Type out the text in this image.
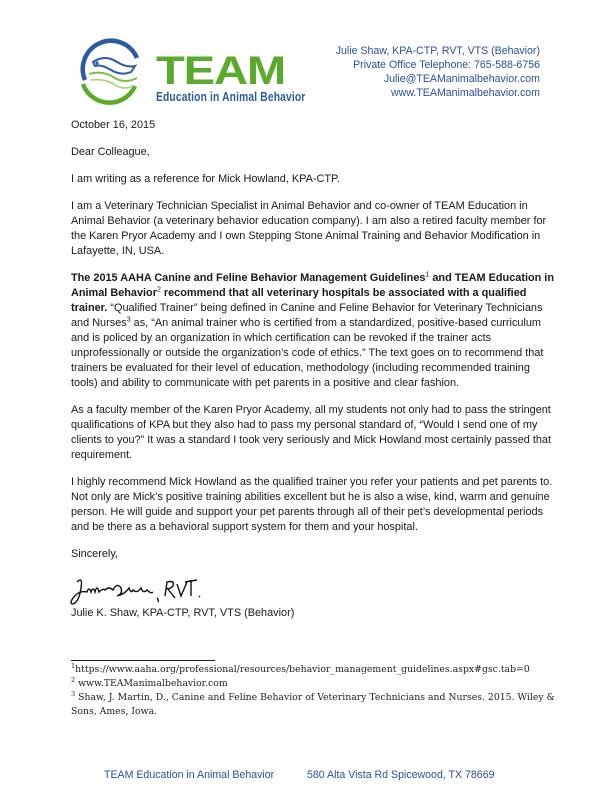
TEAM
Education in Animal Behavior
Julie Shaw, KPA-CTP, RVT, VTS (Behavior)
Private Office Telephone: 765-588-6756
Julie@TEAManimalbehavior.com
www.TEAManimalbehavior.com

October 16, 2015

Dear Colleague,

I am writing as a reference for Mick Howland, KPA-CTP.

I am a Veterinary Technician Specialist in Animal Behavior and co-owner of TEAM Education in Animal Behavior (a veterinary behavior education company). I am also a retired faculty member for the Karen Pryor Academy and I own Stepping Stone Animal Training and Behavior Modification in Lafayette, IN, USA.

The 2015 AAHA Canine and Feline Behavior Management Guidelines$^1$ and TEAM Education in Animal Behavior$^2$ recommend that all veterinary hospitals be associated with a qualified trainer. “Qualified Trainer” being defined in Canine and Feline Behavior for Veterinary Technicians and Nurses$^3$ as, “An animal trainer who is certified from a standardized, positive-based curriculum and is policed by an organization in which certification can be revoked if the trainer acts unprofessionally or outside the organization’s code of ethics.” The text goes on to recommend that trainers be evaluated for their level of education, methodology (including recommended training tools) and ability to communicate with pet parents in a positive and clear fashion.

As a faculty member of the Karen Pryor Academy, all my students not only had to pass the stringent qualifications of KPA but they also had to pass my personal standard of, “Would I send one of my clients to you?” It was a standard I took very seriously and Mick Howland most certainly passed that requirement.

I highly recommend Mick Howland as the qualified trainer you refer your patients and pet parents to. Not only are Mick’s positive training abilities excellent but he is also a wise, kind, warm and genuine person. He will guide and support your pet parents through all of their pet’s developmental periods and be there as a behavioral support system for them and your hospital.

Sincerely,

Julie K. Shaw, KPA-CTP, RVT, VTS (Behavior)

$^1$https://www.aaha.org/professional/resources/behavior_management_guidelines.aspx#gsc.tab=0
$^2$ www.TEAManimalbehavior.com
$^3$ Shaw, J. Martin, D., Canine and Feline Behavior of Veterinary Technicians and Nurses. 2015. Wiley & Sons, Ames, Iowa.
TEAM Education in Animal Behavior	580 Alta Vista Rd Spicewood, TX 78669
